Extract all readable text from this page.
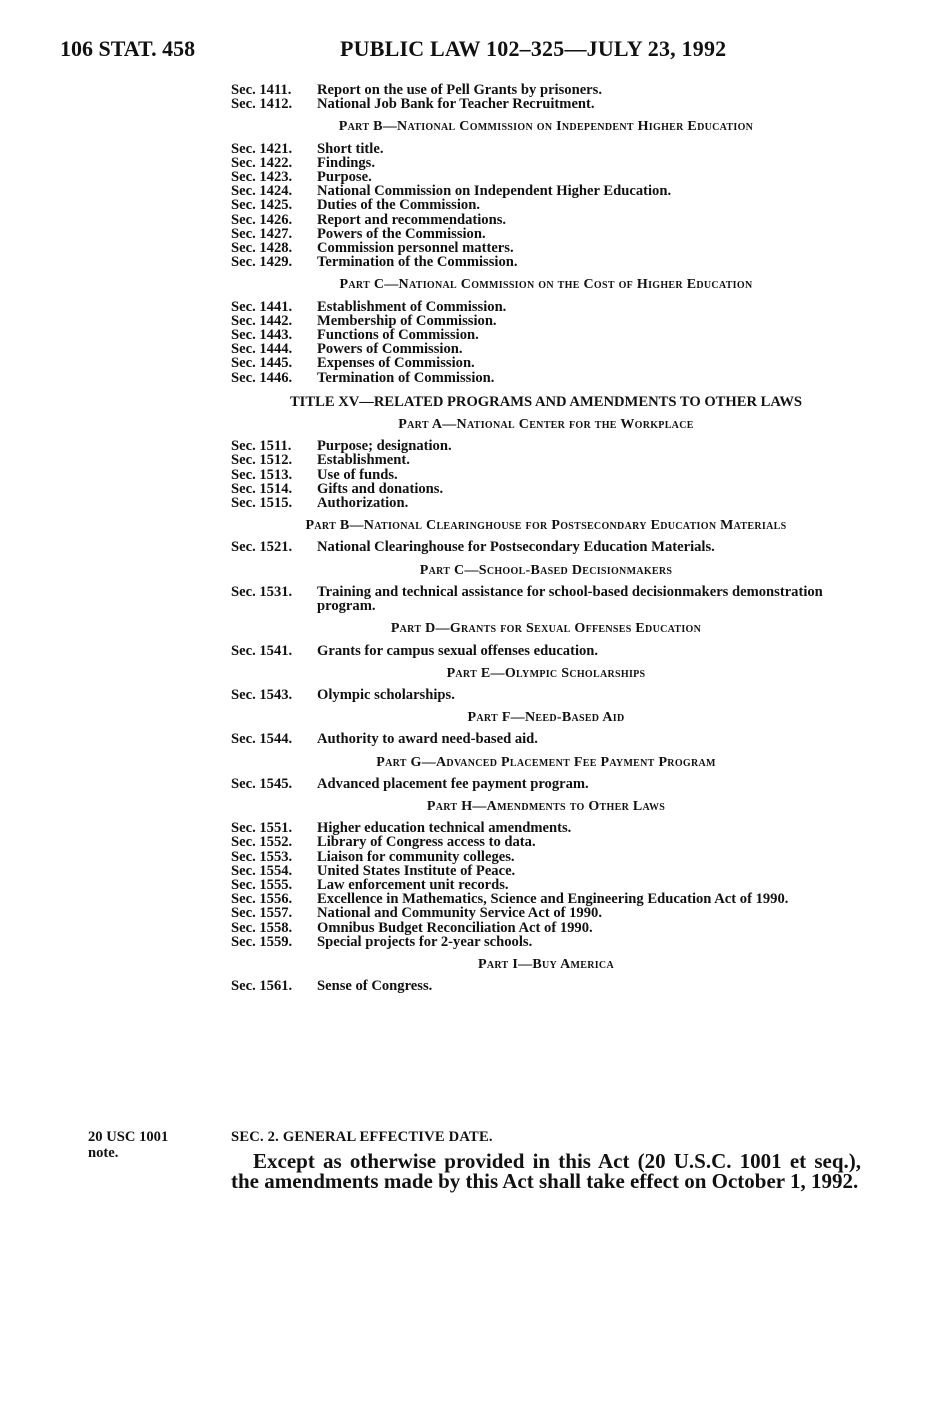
106 STAT. 458	PUBLIC LAW 102–325—JULY 23, 1992
Sec. 1411.	Report on the use of Pell Grants by prisoners.
Sec. 1412.	National Job Bank for Teacher Recruitment.
Part B—National Commission on Independent Higher Education
Sec. 1421.	Short title.
Sec. 1422.	Findings.
Sec. 1423.	Purpose.
Sec. 1424.	National Commission on Independent Higher Education.
Sec. 1425.	Duties of the Commission.
Sec. 1426.	Report and recommendations.
Sec. 1427.	Powers of the Commission.
Sec. 1428.	Commission personnel matters.
Sec. 1429.	Termination of the Commission.
Part C—National Commission on the Cost of Higher Education
Sec. 1441.	Establishment of Commission.
Sec. 1442.	Membership of Commission.
Sec. 1443.	Functions of Commission.
Sec. 1444.	Powers of Commission.
Sec. 1445.	Expenses of Commission.
Sec. 1446.	Termination of Commission.
TITLE XV—RELATED PROGRAMS AND AMENDMENTS TO OTHER LAWS
Part A—National Center for the Workplace
Sec. 1511.	Purpose; designation.
Sec. 1512.	Establishment.
Sec. 1513.	Use of funds.
Sec. 1514.	Gifts and donations.
Sec. 1515.	Authorization.
Part B—National Clearinghouse for Postsecondary Education Materials
Sec. 1521.	National Clearinghouse for Postsecondary Education Materials.
Part C—School-Based Decisionmakers
Sec. 1531.	Training and technical assistance for school-based decisionmakers demonstration program.
Part D—Grants for Sexual Offenses Education
Sec. 1541.	Grants for campus sexual offenses education.
Part E—Olympic Scholarships
Sec. 1543.	Olympic scholarships.
Part F—Need-Based Aid
Sec. 1544.	Authority to award need-based aid.
Part G—Advanced Placement Fee Payment Program
Sec. 1545.	Advanced placement fee payment program.
Part H—Amendments to Other Laws
Sec. 1551.	Higher education technical amendments.
Sec. 1552.	Library of Congress access to data.
Sec. 1553.	Liaison for community colleges.
Sec. 1554.	United States Institute of Peace.
Sec. 1555.	Law enforcement unit records.
Sec. 1556.	Excellence in Mathematics, Science and Engineering Education Act of 1990.
Sec. 1557.	National and Community Service Act of 1990.
Sec. 1558.	Omnibus Budget Reconciliation Act of 1990.
Sec. 1559.	Special projects for 2-year schools.
Part I—Buy America
Sec. 1561.	Sense of Congress.
20 USC 1001
note.
SEC. 2. GENERAL EFFECTIVE DATE.
Except as otherwise provided in this Act (20 U.S.C. 1001 et seq.), the amendments made by this Act shall take effect on October 1, 1992.
